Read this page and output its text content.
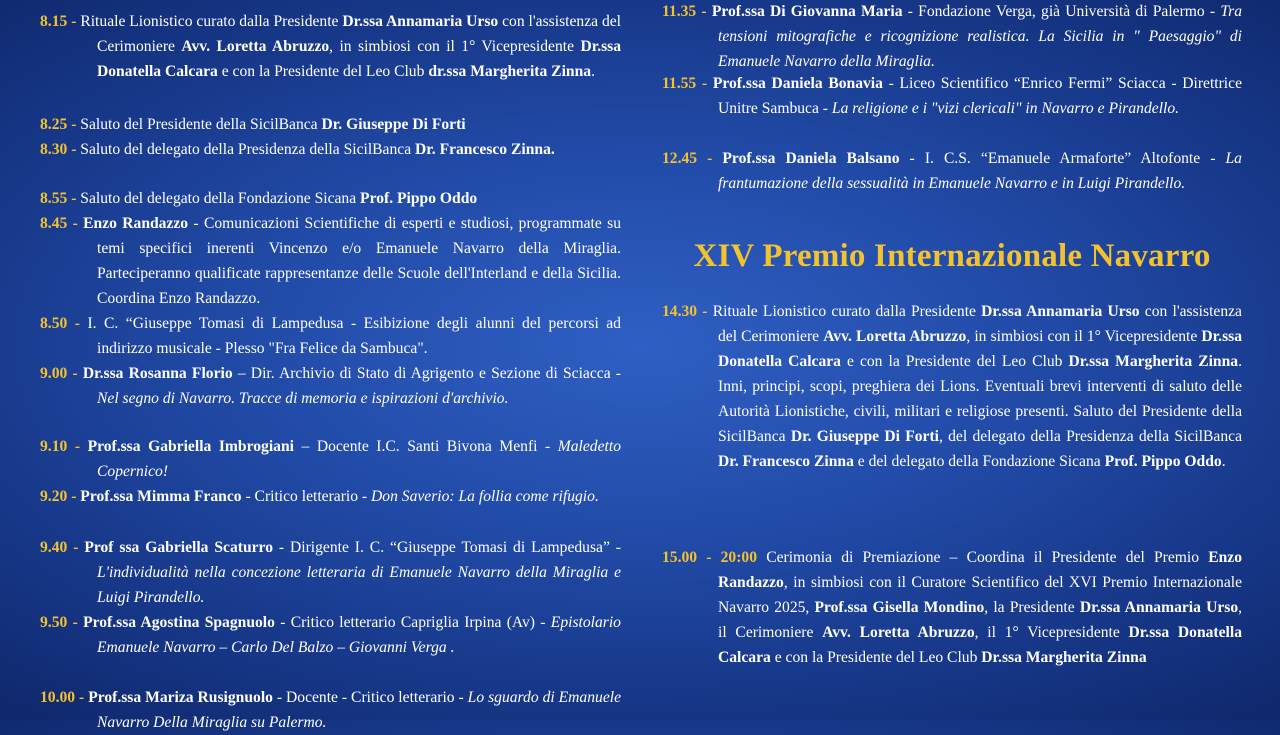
8.15 - Rituale Lionistico curato dalla Presidente Dr.ssa Annamaria Urso con l'assistenza del Cerimoniere Avv. Loretta Abruzzo, in simbiosi con il 1° Vicepresidente Dr.ssa Donatella Calcara e con la Presidente del Leo Club dr.ssa Margherita Zinna.
8.25 - Saluto del Presidente della SicilBanca Dr. Giuseppe Di Forti
8.30 - Saluto del delegato della Presidenza della SicilBanca Dr. Francesco Zinna.
8.55 - Saluto del delegato della Fondazione Sicana Prof. Pippo Oddo
8.45 - Enzo Randazzo - Comunicazioni Scientifiche di esperti e studiosi, programmate su temi specifici inerenti Vincenzo e/o Emanuele Navarro della Miraglia. Parteciperanno qualificate rappresentanze delle Scuole dell'Interland e della Sicilia. Coordina Enzo Randazzo.
8.50 - I. C. “Giuseppe Tomasi di Lampedusa - Esibizione degli alunni del percorsi ad indirizzo musicale - Plesso "Fra Felice da Sambuca".
9.00 - Dr.ssa Rosanna Florio – Dir. Archivio di Stato di Agrigento e Sezione di Sciacca - Nel segno di Navarro. Tracce di memoria e ispirazioni d'archivio.
9.10 - Prof.ssa Gabriella Imbrogiani – Docente I.C. Santi Bivona Menfi - Maledetto Copernico!
9.20 - Prof.ssa Mimma Franco - Critico letterario - Don Saverio: La follia come rifugio.
9.40 - Prof ssa Gabriella Scaturro - Dirigente I. C. “Giuseppe Tomasi di Lampedusa” - L'individualità nella concezione letteraria di Emanuele Navarro della Miraglia e Luigi Pirandello.
9.50 - Prof.ssa Agostina Spagnuolo - Critico letterario Capriglia Irpina (Av) - Epistolario Emanuele Navarro – Carlo Del Balzo – Giovanni Verga .
10.00 - Prof.ssa Mariza Rusignuolo - Docente - Critico letterario - Lo sguardo di Emanuele Navarro Della Miraglia su Palermo.
11.35 - Prof.ssa Di Giovanna Maria - Fondazione Verga, già Università di Palermo - Tra tensioni mitografiche e ricognizione realistica. La Sicilia in " Paesaggio" di Emanuele Navarro della Miraglia.
11.55 - Prof.ssa Daniela Bonavia - Liceo Scientifico “Enrico Fermi” Sciacca - Direttrice Unitre Sambuca - La religione e i "vizi clericali" in Navarro e Pirandello.
12.45 - Prof.ssa Daniela Balsano - I. C.S. “Emanuele Armaforte” Altofonte - La frantumazione della sessualità in Emanuele Navarro e in Luigi Pirandello.
XIV Premio Internazionale Navarro
14.30 - Rituale Lionistico curato dalla Presidente Dr.ssa Annamaria Urso con l'assistenza del Cerimoniere Avv. Loretta Abruzzo, in simbiosi con il 1° Vicepresidente Dr.ssa Donatella Calcara e con la Presidente del Leo Club Dr.ssa Margherita Zinna. Inni, principi, scopi, preghiera dei Lions. Eventuali brevi interventi di saluto delle Autorità Lionistiche, civili, militari e religiose presenti. Saluto del Presidente della SicilBanca Dr. Giuseppe Di Forti, del delegato della Presidenza della SicilBanca Dr. Francesco Zinna e del delegato della Fondazione Sicana Prof. Pippo Oddo.
15.00 - 20:00 Cerimonia di Premiazione – Coordina il Presidente del Premio Enzo Randazzo, in simbiosi con il Curatore Scientifico del XVI Premio Internazionale Navarro 2025, Prof.ssa Gisella Mondino, la Presidente Dr.ssa Annamaria Urso, il Cerimoniere Avv. Loretta Abruzzo, il 1° Vicepresidente Dr.ssa Donatella Calcara e con la Presidente del Leo Club Dr.ssa Margherita Zinna
